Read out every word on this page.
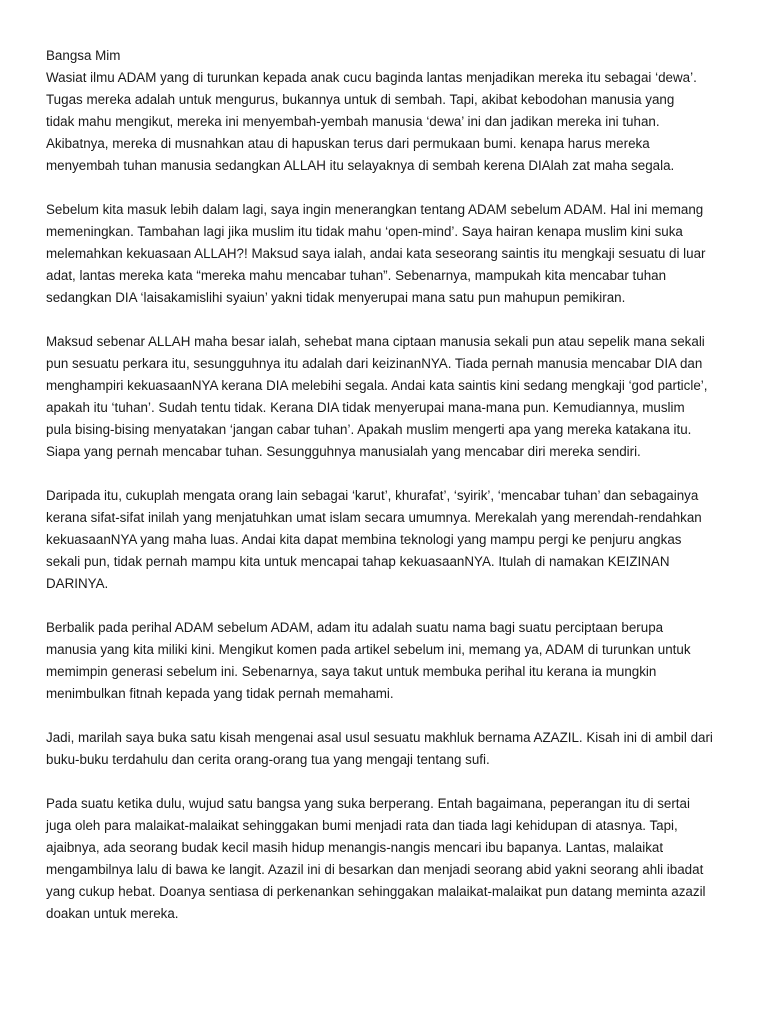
Bangsa Mim
Wasiat ilmu ADAM yang di turunkan kepada anak cucu baginda lantas menjadikan mereka itu sebagai ‘dewa’.
Tugas mereka adalah untuk mengurus, bukannya untuk di sembah. Tapi, akibat kebodohan manusia yang
tidak mahu mengikut, mereka ini menyembah-yembah manusia ‘dewa’ ini dan jadikan mereka ini tuhan.
Akibatnya, mereka di musnahkan atau di hapuskan terus dari permukaan bumi. kenapa harus mereka
menyembah tuhan manusia sedangkan ALLAH itu selayaknya di sembah kerena DIAlah zat maha segala.
Sebelum kita masuk lebih dalam lagi, saya ingin menerangkan tentang ADAM sebelum ADAM. Hal ini memang
memeningkan. Tambahan lagi jika muslim itu tidak mahu ‘open-mind’. Saya hairan kenapa muslim kini suka
melemahkan kekuasaan ALLAH?! Maksud saya ialah, andai kata seseorang saintis itu mengkaji sesuatu di luar
adat, lantas mereka kata “mereka mahu mencabar tuhan”. Sebenarnya, mampukah kita mencabar tuhan
sedangkan DIA ‘laisakamislihi syaiun’ yakni tidak menyerupai mana satu pun mahupun pemikiran.
Maksud sebenar ALLAH maha besar ialah, sehebat mana ciptaan manusia sekali pun atau sepelik mana sekali
pun sesuatu perkara itu, sesungguhnya itu adalah dari keizinanNYA. Tiada pernah manusia mencabar DIA dan
menghampiri kekuasaanNYA kerana DIA melebihi segala. Andai kata saintis kini sedang mengkaji ‘god particle’,
apakah itu ‘tuhan’. Sudah tentu tidak. Kerana DIA tidak menyerupai mana-mana pun. Kemudiannya, muslim
pula bising-bising menyatakan ‘jangan cabar tuhan’. Apakah muslim mengerti apa yang mereka katakana itu.
Siapa yang pernah mencabar tuhan. Sesungguhnya manusialah yang mencabar diri mereka sendiri.
Daripada itu, cukuplah mengata orang lain sebagai ‘karut’, khurafat’, ‘syirik’, ‘mencabar tuhan’ dan sebagainya
kerana sifat-sifat inilah yang menjatuhkan umat islam secara umumnya. Merekalah yang merendah-rendahkan
kekuasaanNYA yang maha luas. Andai kita dapat membina teknologi yang mampu pergi ke penjuru angkas
sekali pun, tidak pernah mampu kita untuk mencapai tahap kekuasaanNYA. Itulah di namakan KEIZINAN
DARINYA.
Berbalik pada perihal ADAM sebelum ADAM, adam itu adalah suatu nama bagi suatu perciptaan berupa
manusia yang kita miliki kini. Mengikut komen pada artikel sebelum ini, memang ya, ADAM di turunkan untuk
memimpin generasi sebelum ini. Sebenarnya, saya takut untuk membuka perihal itu kerana ia mungkin
menimbulkan fitnah kepada yang tidak pernah memahami.
Jadi, marilah saya buka satu kisah mengenai asal usul sesuatu makhluk bernama AZAZIL. Kisah ini di ambil dari
buku-buku terdahulu dan cerita orang-orang tua yang mengaji tentang sufi.
Pada suatu ketika dulu, wujud satu bangsa yang suka berperang. Entah bagaimana, peperangan itu di sertai
juga oleh para malaikat-malaikat sehinggakan bumi menjadi rata dan tiada lagi kehidupan di atasnya. Tapi,
ajaibnya, ada seorang budak kecil masih hidup menangis-nangis mencari ibu bapanya. Lantas, malaikat
mengambilnya lalu di bawa ke langit. Azazil ini di besarkan dan menjadi seorang abid yakni seorang ahli ibadat
yang cukup hebat. Doanya sentiasa di perkenankan sehinggakan malaikat-malaikat pun datang meminta azazil
doakan untuk mereka.
